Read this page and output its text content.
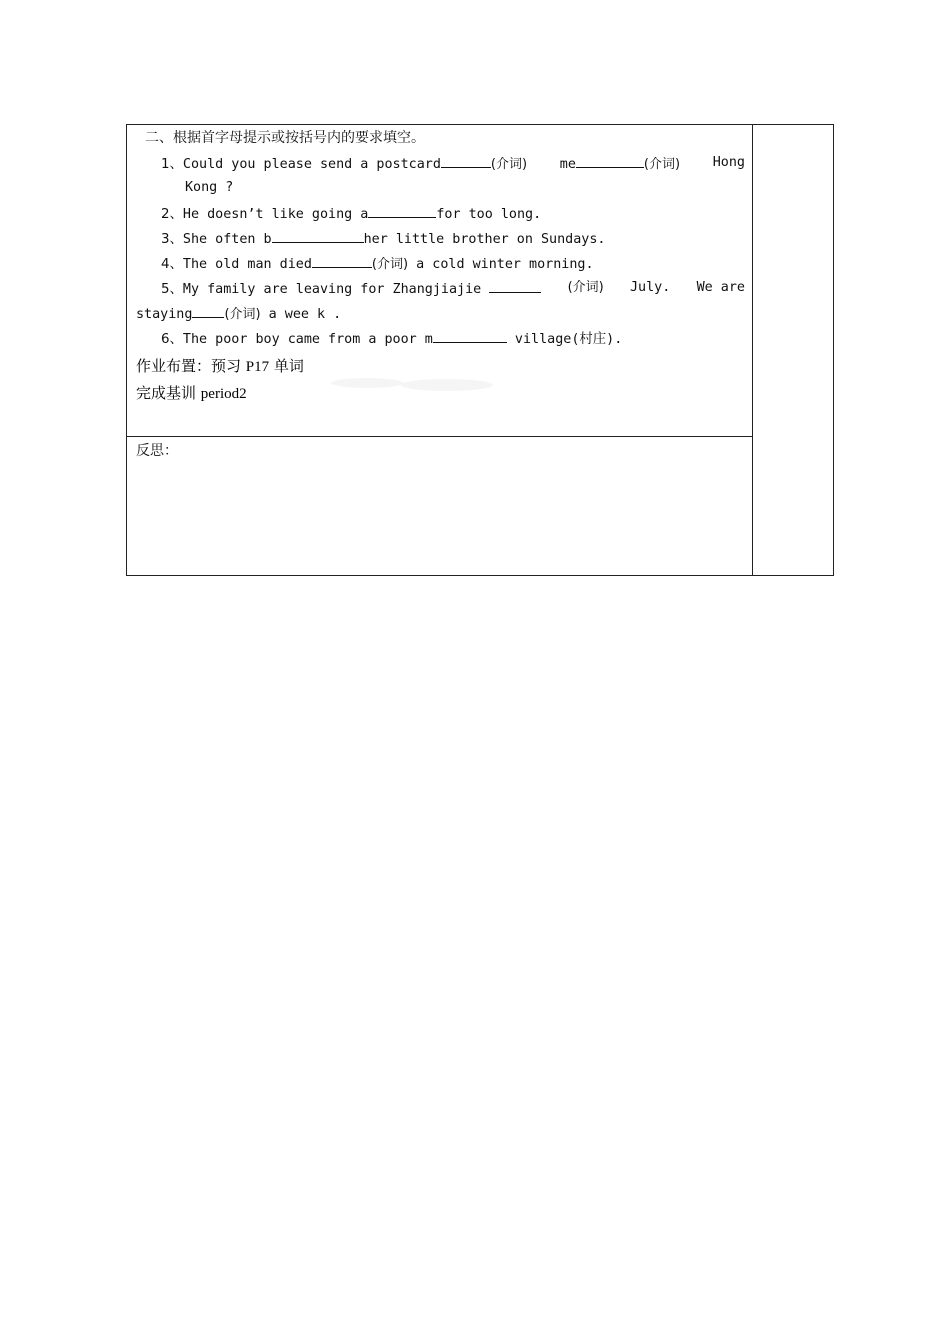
二、根据首字母提示或按括号内的要求填空。
1、Could you please send a postcard	(介词) me	(介词) Hong
Kong ?
2、He doesn’t like going a	for too long.
3、She often b	her little brother on Sundays.
4、The old man died	(介词) a cold winter morning.
5、My family are leaving for Zhangjiajie	(介词) July. We are
staying (介词) a wee k .
6、The poor boy came from a poor m	village(村庄).
作业布置：预习 P17 单词
完成基训 period2
反思：
